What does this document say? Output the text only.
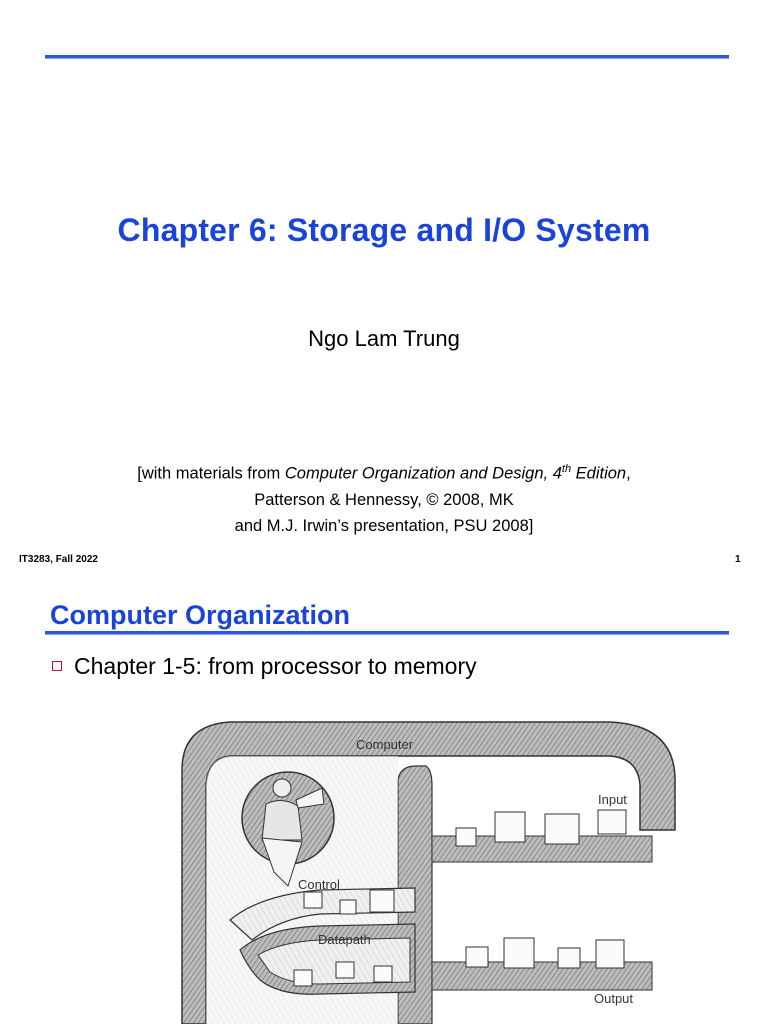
Chapter 6: Storage and I/O System
Ngo Lam Trung
[with materials from Computer Organization and Design, 4th Edition,
Patterson & Hennessy, © 2008, MK
and M.J. Irwin’s presentation, PSU 2008]
IT3283, Fall 2022	1
Computer Organization
Chapter 1-5: from processor to memory
Control
Datapath
Input
Output
Computer
